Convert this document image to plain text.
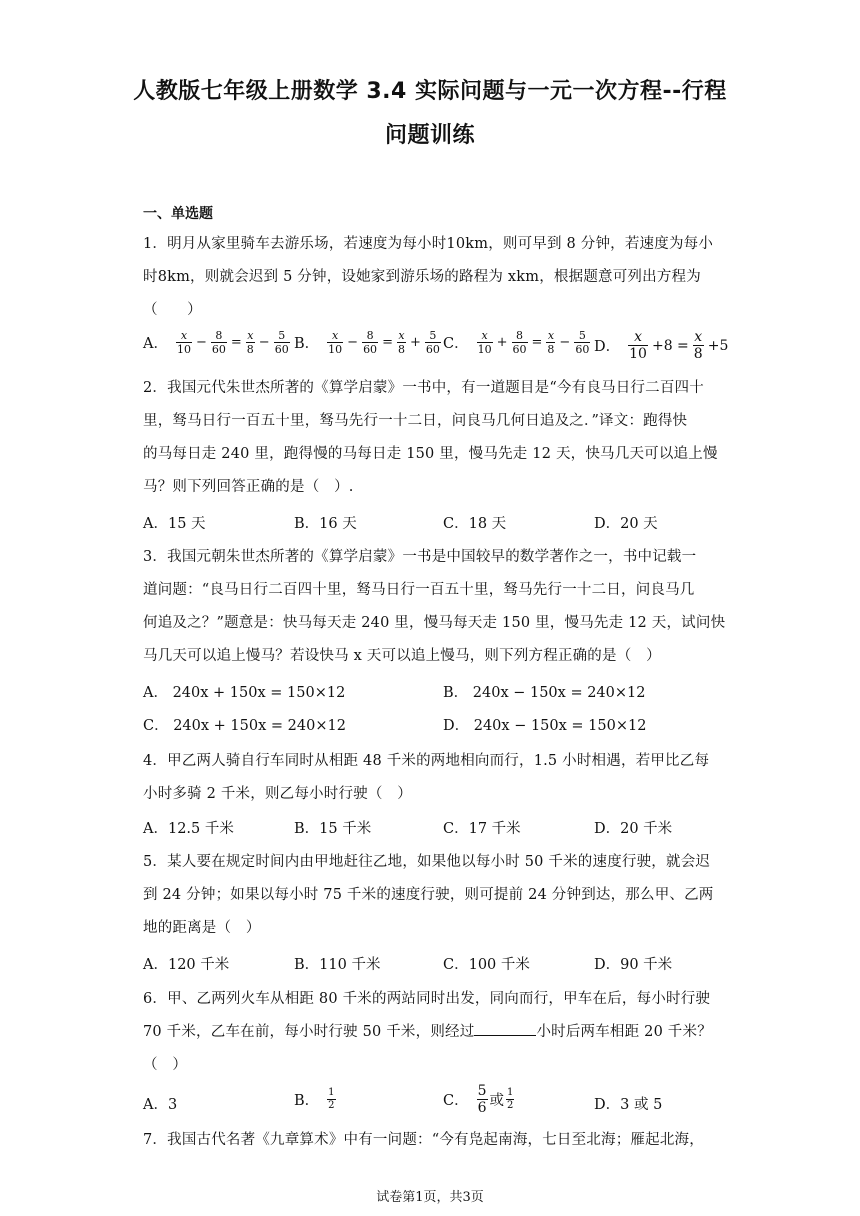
人教版七年级上册数学 3.4 实际问题与一元一次方程--行程
问题训练
一、单选题
1．明月从家里骑车去游乐场，若速度为每小时10km，则可早到 8 分钟，若速度为每小
时8km，则就会迟到 5 分钟，设她家到游乐场的路程为 xkm，根据题意可列出方程为
（　　）
A． $\frac{x}{10} - \frac{8}{60} = \frac{x}{8} - \frac{5}{60}$ B． $\frac{x}{10} - \frac{8}{60} = \frac{x}{8} + \frac{5}{60}$ C． $\frac{x}{10} + \frac{8}{60} = \frac{x}{8} - \frac{5}{60}$ D． $\frac{x}{10} +8 = \frac{x}{8} +5$
2．我国元代朱世杰所著的《算学启蒙》一书中，有一道题目是“今有良马日行二百四十
里，驽马日行一百五十里，驽马先行一十二日，问良马几何日追及之．”译文：跑得快
的马每日走 240 里，跑得慢的马每日走 150 里，慢马先走 12 天，快马几天可以追上慢
马？则下列回答正确的是（　）.
A．15 天	B．16 天	C．18 天	D．20 天
3．我国元朝朱世杰所著的《算学启蒙》一书是中国较早的数学著作之一，书中记载一
道问题：“良马日行二百四十里，驽马日行一百五十里，驽马先行一十二日，问良马几
何追及之？”题意是：快马每天走 240 里，慢马每天走 150 里，慢马先走 12 天，试问快
马几天可以追上慢马？若设快马 x 天可以追上慢马，则下列方程正确的是（　）
A． 240x + 150x = 150×12	B． 240x − 150x = 240×12
C． 240x + 150x = 240×12	D． 240x − 150x = 150×12
4．甲乙两人骑自行车同时从相距 48 千米的两地相向而行，1.5 小时相遇，若甲比乙每
小时多骑 2 千米，则乙每小时行驶（　）
A．12.5 千米	B．15 千米	C．17 千米	D．20 千米
5．某人要在规定时间内由甲地赶往乙地，如果他以每小时 50 千米的速度行驶，就会迟
到 24 分钟；如果以每小时 75 千米的速度行驶，则可提前 24 分钟到达，那么甲、乙两
地的距离是（　）
A．120 千米	B．110 千米	C．100 千米	D．90 千米
6．甲、乙两列火车从相距 80 千米的两站同时出发，同向而行，甲车在后，每小时行驶
70 千米，乙车在前，每小时行驶 50 千米，则经过	小时后两车相距 20 千米？
（　）
A．3	B． $\frac{1}{2}$	C． $\frac{5}{6}$ 或 $\frac{1}{2}$	D．3 或 5
7．我国古代名著《九章算术》中有一问题：“今有凫起南海，七日至北海；雁起北海，
试卷第1页，共3页
